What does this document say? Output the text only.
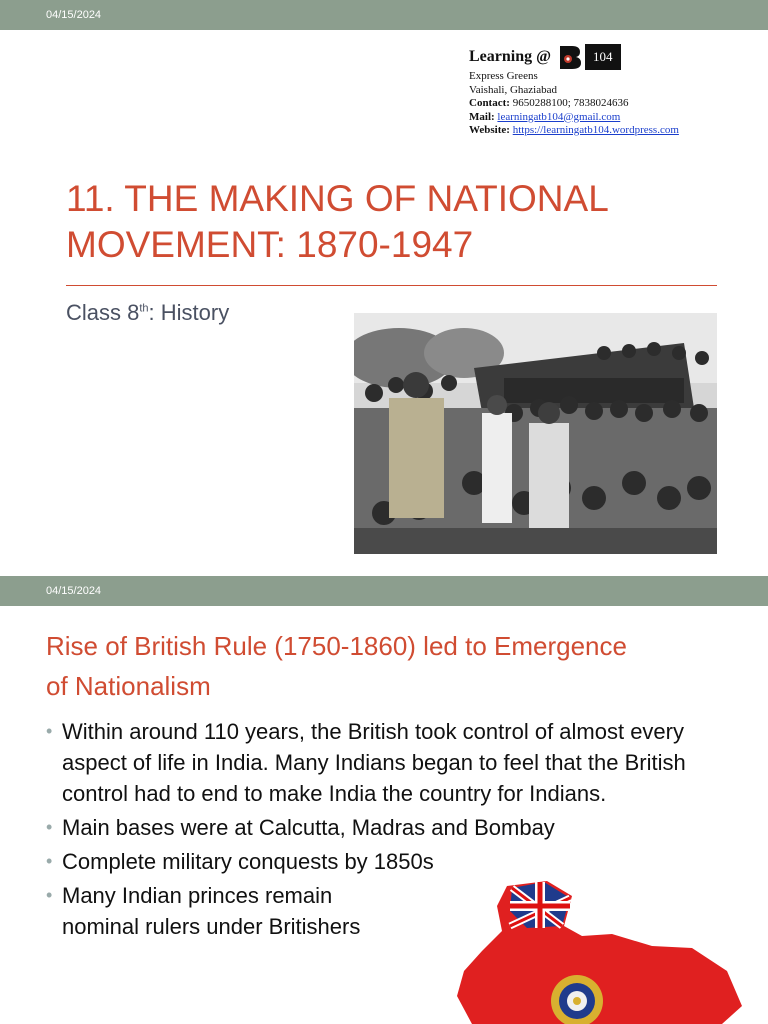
04/15/2024
Learning @	104
Express Greens
Vaishali, Ghaziabad
Contact: 9650288100; 7838024636
Mail: learningatb104@gmail.com
Website: https://learningatb104.wordpress.com
11. THE MAKING OF NATIONAL MOVEMENT: 1870-1947
Class 8th: History
04/15/2024
Rise of British Rule (1750-1860) led to Emergence of Nationalism
• Within around 110 years, the British took control of almost every aspect of life in India. Many Indians began to feel that the British control had to end to make India the country for Indians.
• Main bases were at Calcutta, Madras and Bombay
• Complete military conquests by 1850s
• Many Indian princes remain nominal rulers under Britishers
